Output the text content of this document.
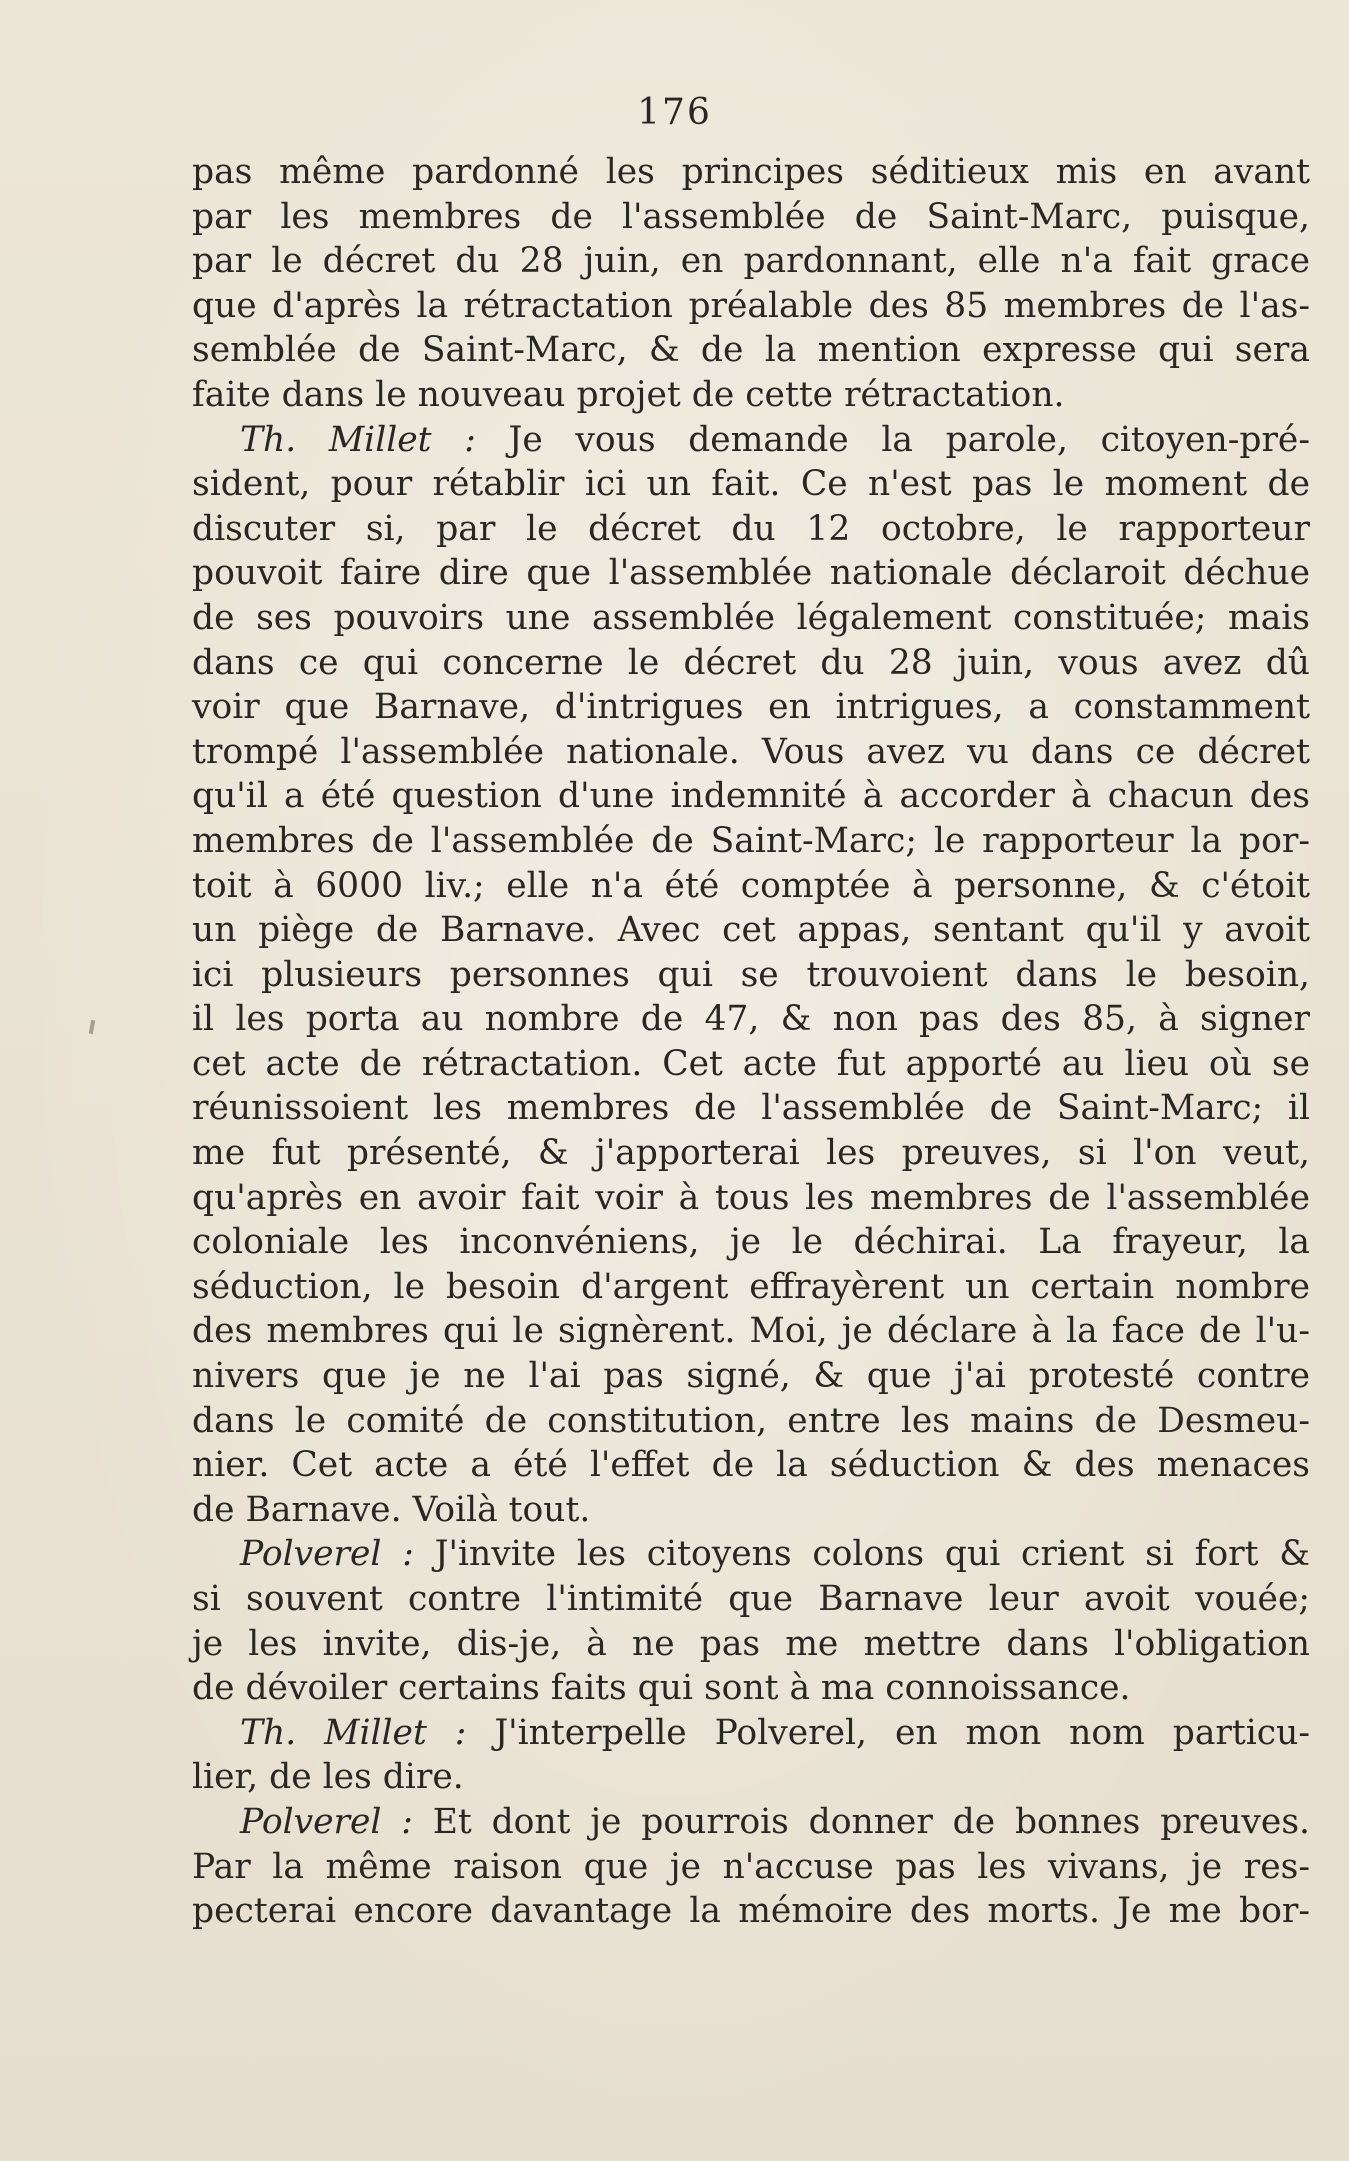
176
pas même pardonné les principes séditieux mis en avant
par les membres de l'assemblée de Saint-Marc, puisque,
par le décret du 28 juin, en pardonnant, elle n'a fait grace
que d'après la rétractation préalable des 85 membres de l'as-
semblée de Saint-Marc, & de la mention expresse qui sera
faite dans le nouveau projet de cette rétractation.
Th. Millet : Je vous demande la parole, citoyen-pré-
sident, pour rétablir ici un fait. Ce n'est pas le moment de
discuter si, par le décret du 12 octobre, le rapporteur
pouvoit faire dire que l'assemblée nationale déclaroit déchue
de ses pouvoirs une assemblée légalement constituée; mais
dans ce qui concerne le décret du 28 juin, vous avez dû
voir que Barnave, d'intrigues en intrigues, a constamment
trompé l'assemblée nationale. Vous avez vu dans ce décret
qu'il a été question d'une indemnité à accorder à chacun des
membres de l'assemblée de Saint-Marc; le rapporteur la por-
toit à 6000 liv.; elle n'a été comptée à personne, & c'étoit
un piège de Barnave. Avec cet appas, sentant qu'il y avoit
ici plusieurs personnes qui se trouvoient dans le besoin,
il les porta au nombre de 47, & non pas des 85, à signer
cet acte de rétractation. Cet acte fut apporté au lieu où se
réunissoient les membres de l'assemblée de Saint-Marc; il
me fut présenté, & j'apporterai les preuves, si l'on veut,
qu'après en avoir fait voir à tous les membres de l'assemblée
coloniale les inconvéniens, je le déchirai. La frayeur, la
séduction, le besoin d'argent effrayèrent un certain nombre
des membres qui le signèrent. Moi, je déclare à la face de l'u-
nivers que je ne l'ai pas signé, & que j'ai protesté contre
dans le comité de constitution, entre les mains de Desmeu-
nier. Cet acte a été l'effet de la séduction & des menaces
de Barnave. Voilà tout.
Polverel : J'invite les citoyens colons qui crient si fort &
si souvent contre l'intimité que Barnave leur avoit vouée;
je les invite, dis-je, à ne pas me mettre dans l'obligation
de dévoiler certains faits qui sont à ma connoissance.
Th. Millet : J'interpelle Polverel, en mon nom particu-
lier, de les dire.
Polverel : Et dont je pourrois donner de bonnes preuves.
Par la même raison que je n'accuse pas les vivans, je res-
pecterai encore davantage la mémoire des morts. Je me bor-
